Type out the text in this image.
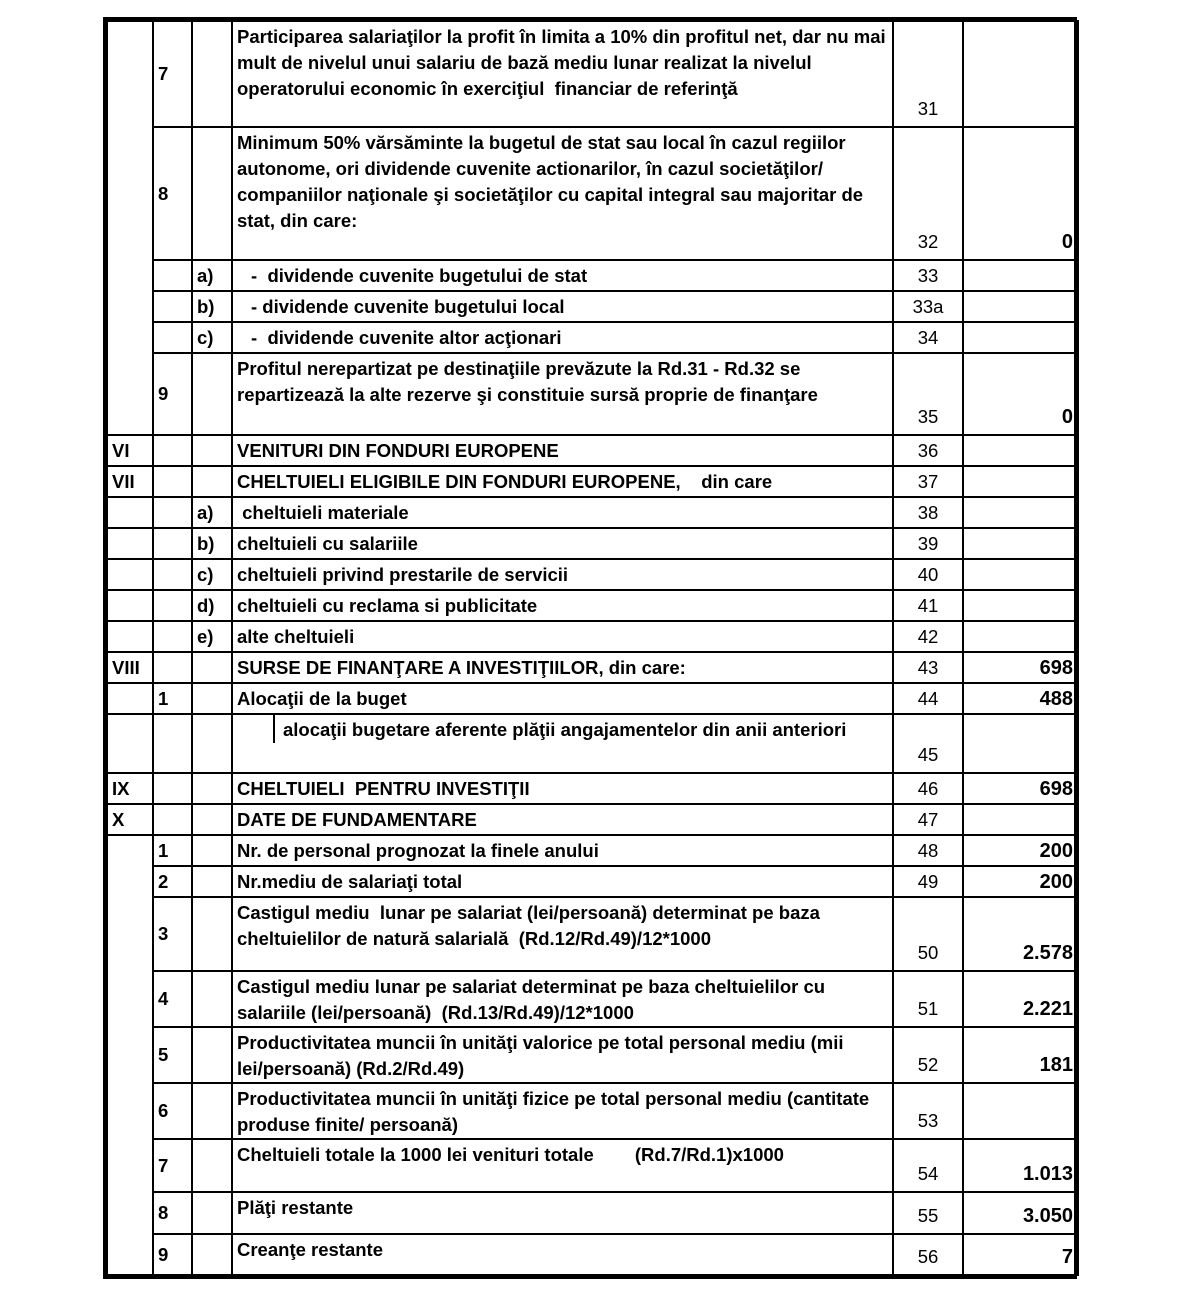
	7		Participarea salariaţilor la profit în limita a 10% din profitul net, dar nu mai mult de nivelul unui salariu de bază mediu lunar realizat la nivelul operatorului economic în exerciţiul  financiar de referinţă	31	
	8		Minimum 50% vărsăminte la bugetul de stat sau local în cazul regiilor autonome, ori dividende cuvenite actionarilor, în cazul societăţilor/ companiilor naţionale şi societăţilor cu capital integral sau majoritar de stat, din care:	32	0
		a)	-  dividende cuvenite bugetului de stat	33	
		b)	- dividende cuvenite bugetului local	33a	
		c)	-  dividende cuvenite altor acţionari	34	
	9		Profitul nerepartizat pe destinaţiile prevăzute la Rd.31 - Rd.32 se repartizează la alte rezerve şi constituie sursă proprie de finanţare	35	0
VI			VENITURI DIN FONDURI EUROPENE	36	
VII			CHELTUIELI ELIGIBILE DIN FONDURI EUROPENE,    din care	37	
		a)	cheltuieli materiale	38	
		b)	cheltuieli cu salariile	39	
		c)	cheltuieli privind prestarile de servicii	40	
		d)	cheltuieli cu reclama si publicitate	41	
		e)	alte cheltuieli	42	
VIII			SURSE DE FINANŢARE A INVESTIŢIILOR, din care:	43	698
	1		Alocaţii de la buget	44	488

			alocaţii bugetare aferente plăţii angajamentelor din anii anteriori	45	
IX			CHELTUIELI  PENTRU INVESTIŢII	46	698
X			DATE DE FUNDAMENTARE	47	
	1		Nr. de personal prognozat la finele anului	48	200
	2		Nr.mediu de salariaţi total	49	200
	3		Castigul mediu  lunar pe salariat (lei/persoană) determinat pe baza cheltuielilor de natură salarială  (Rd.12/Rd.49)/12*1000	50	2.578
	4		Castigul mediu lunar pe salariat determinat pe baza cheltuielilor cu salariile (lei/persoană)  (Rd.13/Rd.49)/12*1000	51	2.221
	5		Productivitatea muncii în unităţi valorice pe total personal mediu (mii lei/persoană) (Rd.2/Rd.49)	52	181
	6		Productivitatea muncii în unităţi fizice pe total personal mediu (cantitate produse finite/ persoană)	53	
	7		Cheltuieli totale la 1000 lei venituri totale        (Rd.7/Rd.1)x1000	54	1.013
	8		Plăţi restante	55	3.050
	9		Creanţe restante	56	7
